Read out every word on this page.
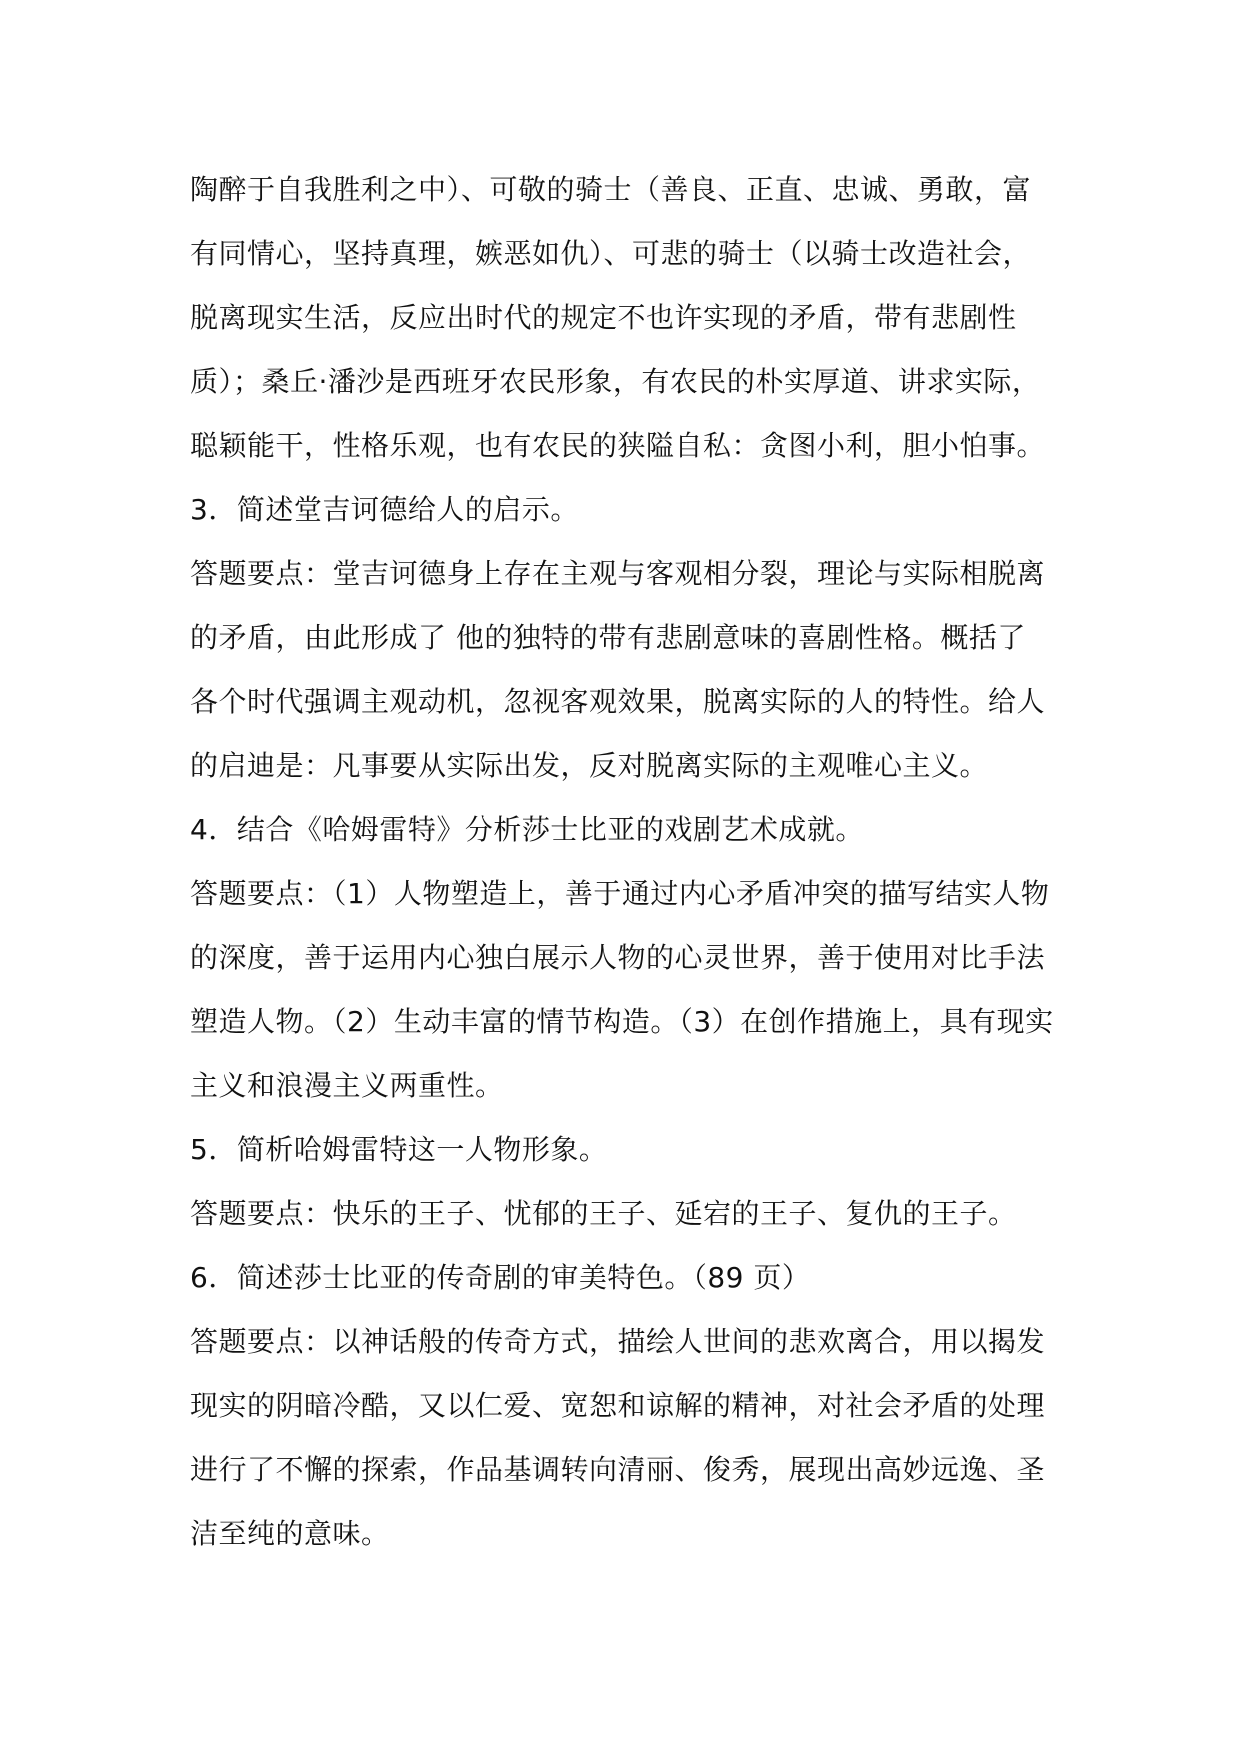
陶醉于自我胜利之中）、可敬的骑士（善良、正直、忠诚、勇敢，富
有同情心，坚持真理，嫉恶如仇）、可悲的骑士（以骑士改造社会，
脱离现实生活，反应出时代的规定不也许实现的矛盾，带有悲剧性
质）；桑丘·潘沙是西班牙农民形象，有农民的朴实厚道、讲求实际，
聪颖能干，性格乐观，也有农民的狭隘自私：贪图小利，胆小怕事。
3．简述堂吉诃德给人的启示。
答题要点：堂吉诃德身上存在主观与客观相分裂，理论与实际相脱离
的矛盾，由此形成了 他的独特的带有悲剧意味的喜剧性格。概括了
各个时代强调主观动机，忽视客观效果，脱离实际的人的特性。给人
的启迪是：凡事要从实际出发，反对脱离实际的主观唯心主义。
4．结合《哈姆雷特》分析莎士比亚的戏剧艺术成就。
答题要点：（1）人物塑造上，善于通过内心矛盾冲突的描写结实人物
的深度，善于运用内心独白展示人物的心灵世界，善于使用对比手法
塑造人物。（2）生动丰富的情节构造。（3）在创作措施上，具有现实
主义和浪漫主义两重性。
5．简析哈姆雷特这一人物形象。
答题要点：快乐的王子、忧郁的王子、延宕的王子、复仇的王子。
6．简述莎士比亚的传奇剧的审美特色。（89 页）
答题要点：以神话般的传奇方式，描绘人世间的悲欢离合，用以揭发
现实的阴暗冷酷，又以仁爱、宽恕和谅解的精神，对社会矛盾的处理
进行了不懈的探索，作品基调转向清丽、俊秀，展现出高妙远逸、圣
洁至纯的意味。
